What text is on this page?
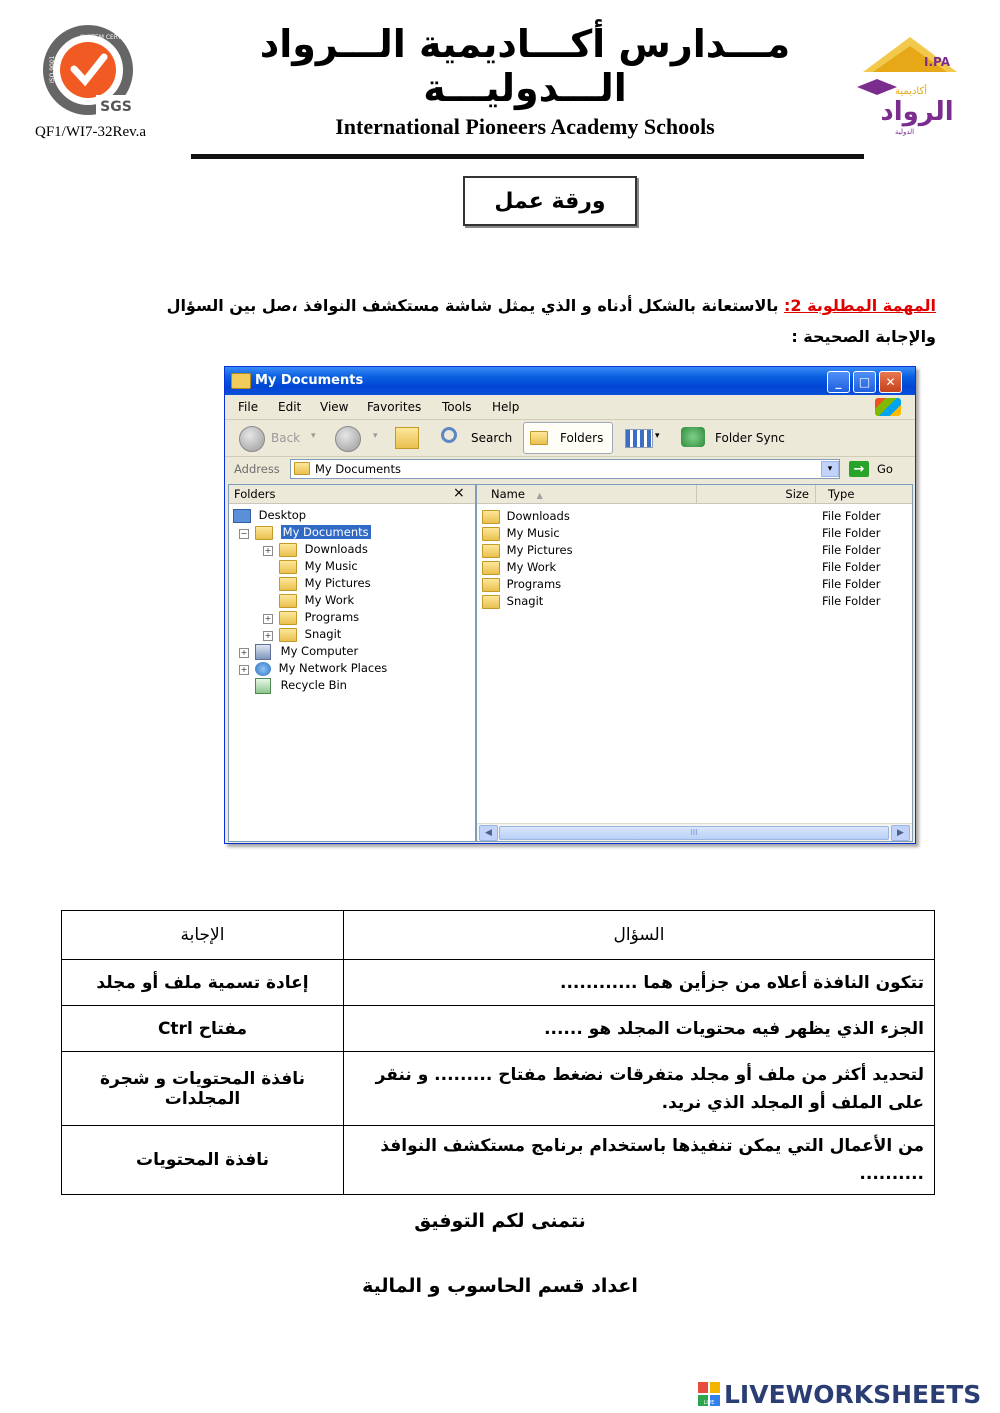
SGS
SYSTEM CERTIFICATION
ISO 9001
QF1/WI7-32Rev.a
مـــدارس أكـــاديمية الـــرواد الـــدوليـــة
International Pioneers Academy Schools
I.PA
أكاديمية
الرواد
الدولية
ورقة عمل
المهمة المطلوبة 2: بالاستعانة بالشكل أدناه و الذي يمثل شاشة مستكشف النوافذ ،صل بين السؤال والإجابة الصحيحة :
My Documents	_	□	✕
File Edit View Favorites Tools Help
Back ▾	▾	Search	Folders	▾	Folder Sync
Address	My Documents	▾	→	Go
Folders	×
Desktop
−	My Documents
+	Downloads
My Music
My Pictures
My Work
+	Programs
+	Snagit
+	My Computer
+	My Network Places
Recycle Bin
Name ▲	Size	Type
Downloads	File Folder
My Music	File Folder
My Pictures	File Folder
My Work	File Folder
Programs	File Folder
Snagit	File Folder
◀	III	▶
السؤال	الإجابة
تتكون النافذة أعلاه من جزأين هما ............	إعادة تسمية ملف أو مجلد
الجزء الذي يظهر فيه محتويات المجلد هو ......	مفتاح Ctrl
لتحديد أكثر من ملف أو مجلد متفرقات نضغط مفتاح ......... و ننقر على الملف أو المجلد الذي نريد.	نافذة المحتويات و شجرة المجلدات
من الأعمال التي يمكن تنفيذها باستخدام برنامج مستكشف النوافذ ..........	نافذة المحتويات
نتمنى لكم التوفيق
اعداد قسم الحاسوب و المالية
LIVE LIVEWORKSHEETS
